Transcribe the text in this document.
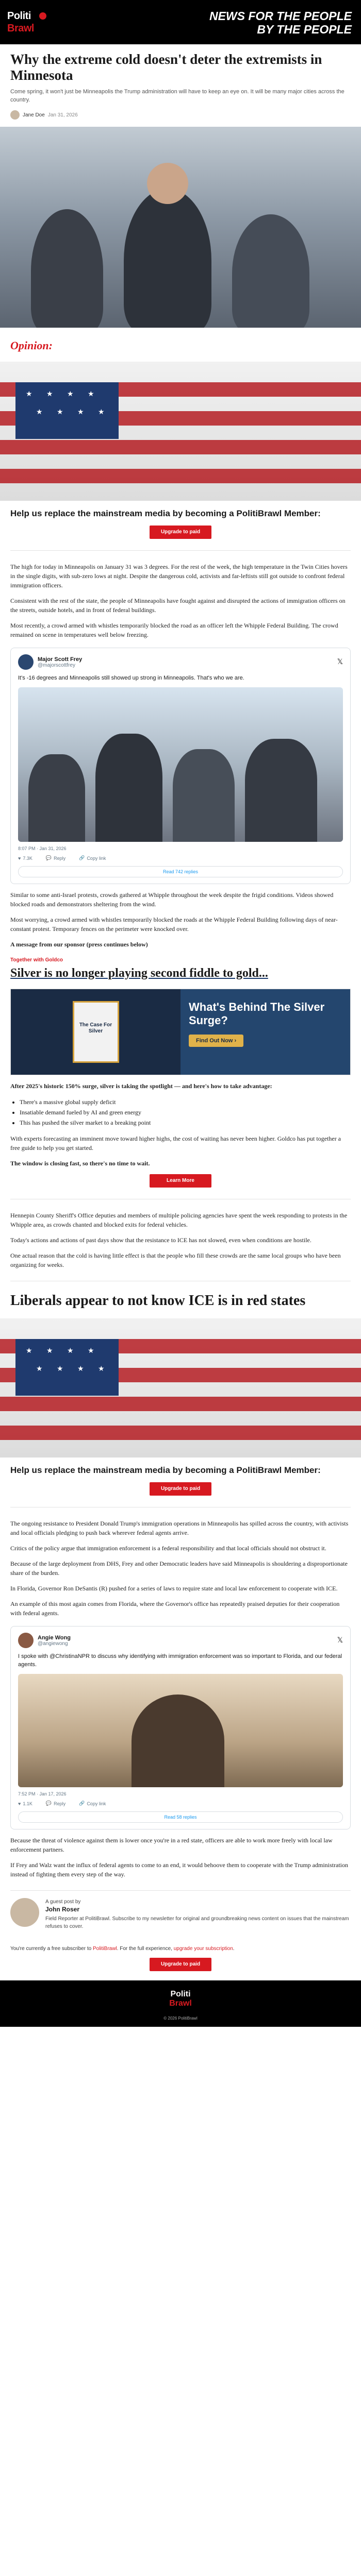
Politi
Brawl
NEWS FOR THE PEOPLE
BY THE PEOPLE
Why the extreme cold doesn't deter the extremists in Minnesota

Come spring, it won't just be Minneapolis the Trump administration will have to keep an eye on. It will be many major cities across the country.

Jane Doe Jan 31, 2026
Opinion:
★ ★ ★ ★
★ ★ ★ ★
Help us replace the mainstream media by becoming a PolitiBrawl Member:
Upgrade to paid

The high for today in Minneapolis on January 31 was 3 degrees. For the rest of the week, the high temperature in the Twin Cities hovers in the single digits, with sub-zero lows at night. Despite the dangerous cold, activists and far-leftists still got outside to confront federal immigration officers.

Consistent with the rest of the state, the people of Minneapolis have fought against and disrupted the actions of immigration officers on the streets, outside hotels, and in front of federal buildings.

Most recently, a crowd armed with whistles temporarily blocked the road as an officer left the Whipple Federal Building. The crowd remained on scene in temperatures well below freezing.

Major Scott Frey
@majorscottfrey	𝕏
It's -16 degrees and Minneapolis still showed up strong in Minneapolis. That's who we are.
8:07 PM · Jan 31, 2026
♥ 7.3K	💬 Reply	🔗 Copy link
Read 742 replies

Similar to some anti-Israel protests, crowds gathered at Whipple throughout the week despite the frigid conditions. Videos showed blocked roads and demonstrators sheltering from the wind.

Most worrying, a crowd armed with whistles temporarily blocked the roads at the Whipple Federal Building following days of near-constant protest. Temporary fences on the perimeter were knocked over.

A message from our sponsor (press continues below)

Together with Goldco
Silver is no longer playing second fiddle to gold...
The Case For Silver
What's Behind The Silver Surge?
Find Out Now ›

After 2025's historic 150% surge, silver is taking the spotlight — and here's how to take advantage:

• There's a massive global supply deficit
• Insatiable demand fueled by AI and green energy
• This has pushed the silver market to a breaking point

With experts forecasting an imminent move toward higher highs, the cost of waiting has never been higher. Goldco has put together a free guide to help you get started.

The window is closing fast, so there's no time to wait.

Learn More

Hennepin County Sheriff's Office deputies and members of multiple policing agencies have spent the week responding to protests in the Whipple area, as crowds chanted and blocked exits for federal vehicles.

Today's actions and actions of past days show that the resistance to ICE has not slowed, even when conditions are hostile.

One actual reason that the cold is having little effect is that the people who fill these crowds are the same local groups who have been organizing for weeks.

Liberals appear to not know ICE is in red states
★ ★ ★ ★
★ ★ ★ ★
Help us replace the mainstream media by becoming a PolitiBrawl Member:
Upgrade to paid

The ongoing resistance to President Donald Trump's immigration operations in Minneapolis has spilled across the country, with activists and local officials pledging to push back wherever federal agents arrive.

Critics of the policy argue that immigration enforcement is a federal responsibility and that local officials should not obstruct it.

Because of the large deployment from DHS, Frey and other Democratic leaders have said Minneapolis is shouldering a disproportionate share of the burden.

In Florida, Governor Ron DeSantis (R) pushed for a series of laws to require state and local law enforcement to cooperate with ICE.

An example of this most again comes from Florida, where the Governor's office has repeatedly praised deputies for their cooperation with federal agents.

Angie Wong
@angiewong	𝕏
I spoke with @ChristinaNPR to discuss why identifying with immigration enforcement was so important to Florida, and our federal agents.
7:52 PM · Jan 17, 2026
♥ 1.1K	💬 Reply	🔗 Copy link
Read 58 replies

Because the threat of violence against them is lower once you're in a red state, officers are able to work more freely with local law enforcement partners.

If Frey and Walz want the influx of federal agents to come to an end, it would behoove them to cooperate with the Trump administration instead of fighting them every step of the way.

A guest post by
John Roser
Field Reporter at PolitiBrawl. Subscribe to my newsletter for original and groundbreaking news content on issues that the mainstream refuses to cover.

You're currently a free subscriber to PolitiBrawl. For the full experience, upgrade your subscription.

Upgrade to paid
Politi
Brawl
© 2026 PolitiBrawl
